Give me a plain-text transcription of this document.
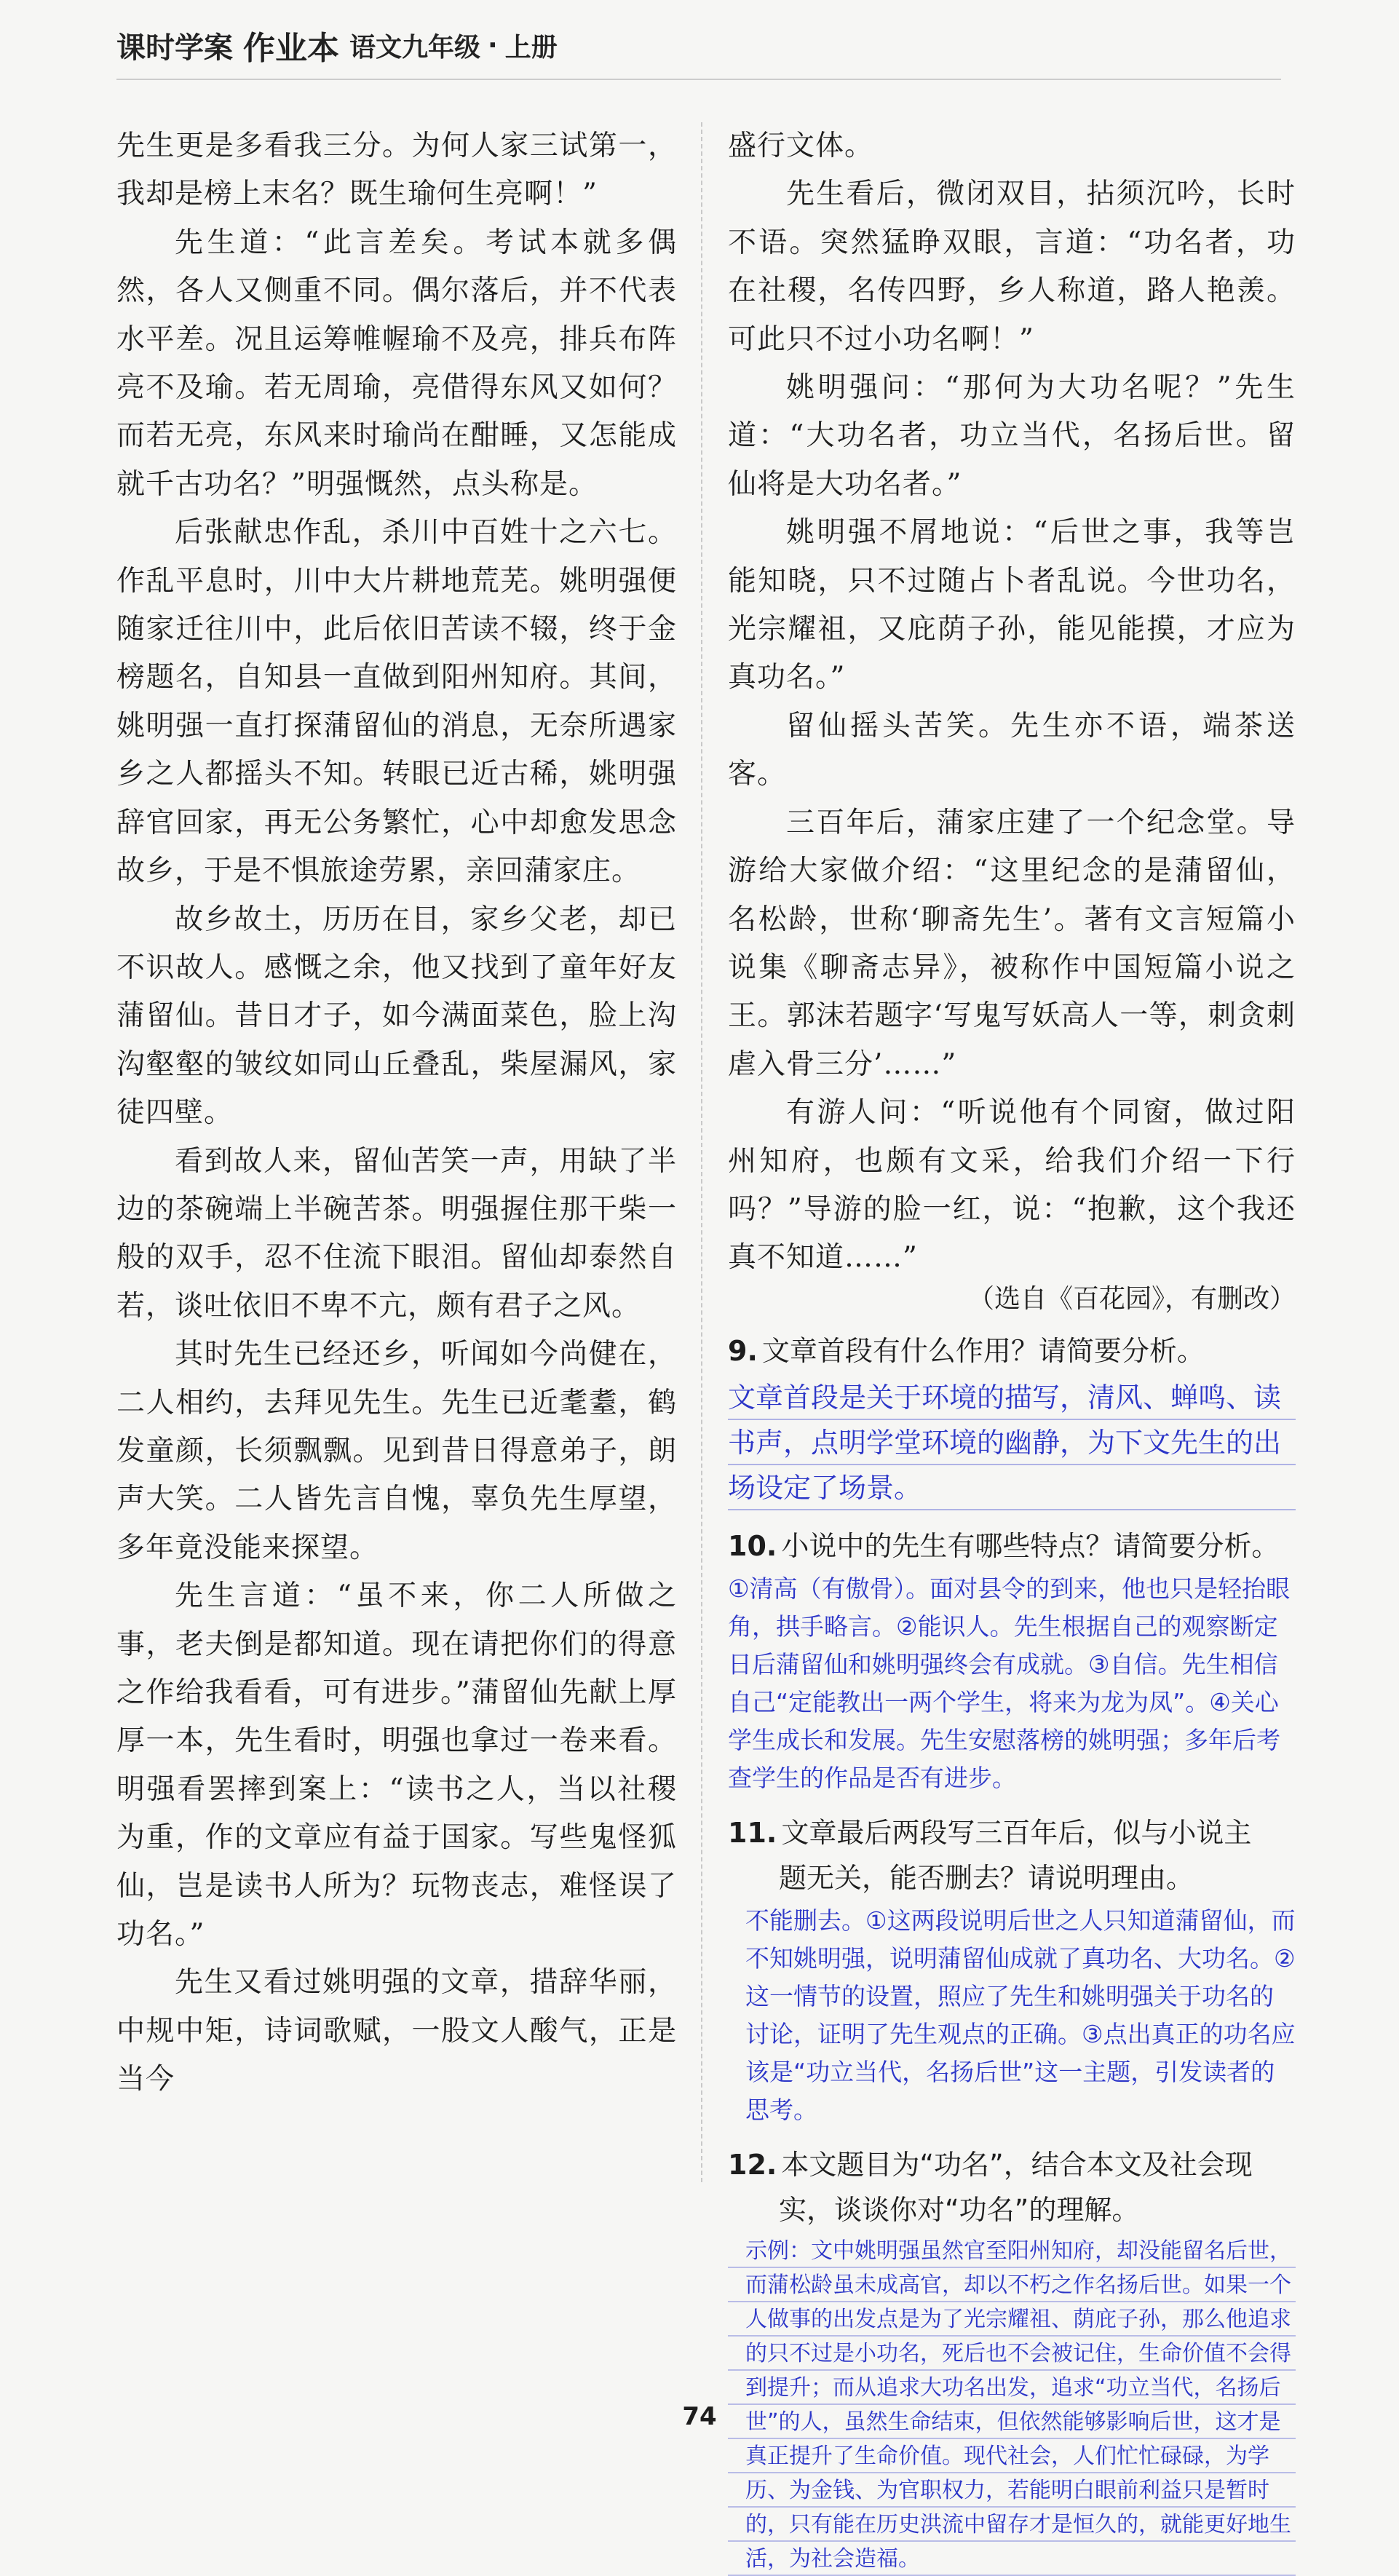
课时学案 作业本 语文九年级 · 上册

先生更是多看我三分。为何人家三试第一，我却是榜上末名？既生瑜何生亮啊！”

先生道：“此言差矣。考试本就多偶然，各人又侧重不同。偶尔落后，并不代表水平差。况且运筹帷幄瑜不及亮，排兵布阵亮不及瑜。若无周瑜，亮借得东风又如何？而若无亮，东风来时瑜尚在酣睡，又怎能成就千古功名？”明强慨然，点头称是。

后张献忠作乱，杀川中百姓十之六七。作乱平息时，川中大片耕地荒芜。姚明强便随家迁往川中，此后依旧苦读不辍，终于金榜题名，自知县一直做到阳州知府。其间，姚明强一直打探蒲留仙的消息，无奈所遇家乡之人都摇头不知。转眼已近古稀，姚明强辞官回家，再无公务繁忙，心中却愈发思念故乡，于是不惧旅途劳累，亲回蒲家庄。

故乡故土，历历在目，家乡父老，却已不识故人。感慨之余，他又找到了童年好友蒲留仙。昔日才子，如今满面菜色，脸上沟沟壑壑的皱纹如同山丘叠乱，柴屋漏风，家徒四壁。

看到故人来，留仙苦笑一声，用缺了半边的茶碗端上半碗苦茶。明强握住那干柴一般的双手，忍不住流下眼泪。留仙却泰然自若，谈吐依旧不卑不亢，颇有君子之风。

其时先生已经还乡，听闻如今尚健在，二人相约，去拜见先生。先生已近耄耋，鹤发童颜，长须飘飘。见到昔日得意弟子，朗声大笑。二人皆先言自愧，辜负先生厚望，多年竟没能来探望。

先生言道：“虽不来，你二人所做之事，老夫倒是都知道。现在请把你们的得意之作给我看看，可有进步。”蒲留仙先献上厚厚一本，先生看时，明强也拿过一卷来看。明强看罢摔到案上：“读书之人，当以社稷为重，作的文章应有益于国家。写些鬼怪狐仙，岂是读书人所为？玩物丧志，难怪误了功名。”

先生又看过姚明强的文章，措辞华丽，中规中矩，诗词歌赋，一股文人酸气，正是当今

盛行文体。

先生看后，微闭双目，拈须沉吟，长时不语。突然猛睁双眼，言道：“功名者，功在社稷，名传四野，乡人称道，路人艳羡。可此只不过小功名啊！”

姚明强问：“那何为大功名呢？”先生道：“大功名者，功立当代，名扬后世。留仙将是大功名者。”

姚明强不屑地说：“后世之事，我等岂能知晓，只不过随占卜者乱说。今世功名，光宗耀祖，又庇荫子孙，能见能摸，才应为真功名。”

留仙摇头苦笑。先生亦不语，端茶送客。

三百年后，蒲家庄建了一个纪念堂。导游给大家做介绍：“这里纪念的是蒲留仙，名松龄，世称‘聊斋先生’。著有文言短篇小说集《聊斋志异》，被称作中国短篇小说之王。郭沫若题字‘写鬼写妖高人一等，刺贪刺虐入骨三分’……”

有游人问：“听说他有个同窗，做过阳州知府，也颇有文采，给我们介绍一下行吗？”导游的脸一红，说：“抱歉，这个我还真不知道……”

（选自《百花园》，有删改）
9. 文章首段有什么作用？请简要分析。

文章首段是关于环境的描写，清风、蝉鸣、读书声，点明学堂环境的幽静，为下文先生的出场设定了场景。

10. 小说中的先生有哪些特点？请简要分析。

①清高（有傲骨）。面对县令的到来，他也只是轻抬眼角，拱手略言。②能识人。先生根据自己的观察断定日后蒲留仙和姚明强终会有成就。③自信。先生相信自己“定能教出一两个学生，将来为龙为凤”。④关心学生成长和发展。先生安慰落榜的姚明强；多年后考查学生的作品是否有进步。

11. 文章最后两段写三百年后，似与小说主
题无关，能否删去？请说明理由。

不能删去。①这两段说明后世之人只知道蒲留仙，而不知姚明强，说明蒲留仙成就了真功名、大功名。②这一情节的设置，照应了先生和姚明强关于功名的讨论，证明了先生观点的正确。③点出真正的功名应该是“功立当代，名扬后世”这一主题，引发读者的思考。

12. 本文题目为“功名”，结合本文及社会现
实，谈谈你对“功名”的理解。

示例：文中姚明强虽然官至阳州知府，却没能留名后世，而蒲松龄虽未成高官，却以不朽之作名扬后世。如果一个人做事的出发点是为了光宗耀祖、荫庇子孙，那么他追求的只不过是小功名，死后也不会被记住，生命价值不会得到提升；而从追求大功名出发，追求“功立当代，名扬后世”的人，虽然生命结束，但依然能够影响后世，这才是真正提升了生命价值。现代社会，人们忙忙碌碌，为学历、为金钱、为官职权力，若能明白眼前利益只是暂时的，只有能在历史洪流中留存才是恒久的，就能更好地生活，为社会造福。

74
